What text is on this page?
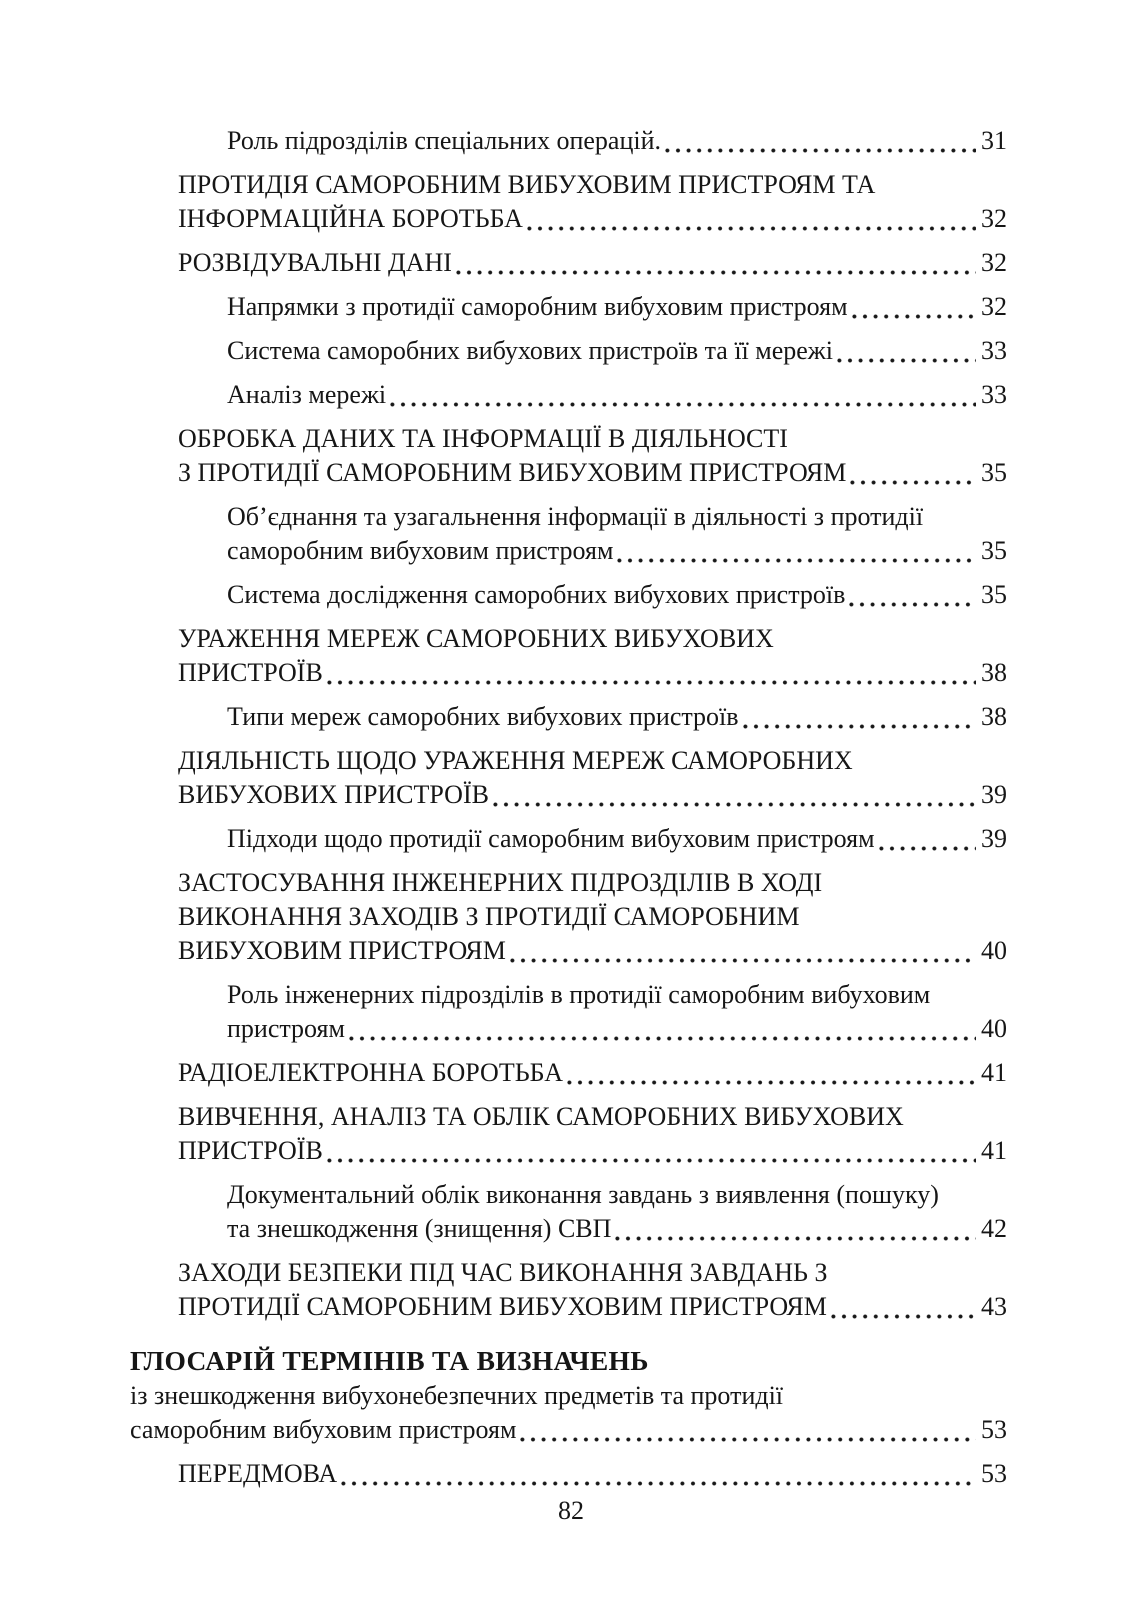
Роль підрозділів спеціальних операцій.	31
ПРОТИДІЯ САМОРОБНИМ ВИБУХОВИМ ПРИСТРОЯМ ТА
ІНФОРМАЦІЙНА БОРОТЬБА	32
РОЗВІДУВАЛЬНІ ДАНІ	32
Напрямки з протидії саморобним вибуховим пристроям	32
Система саморобних вибухових пристроїв та її мережі	33
Аналіз мережі	33
ОБРОБКА ДАНИХ ТА ІНФОРМАЦІЇ В ДІЯЛЬНОСТІ
З ПРОТИДІЇ САМОРОБНИМ ВИБУХОВИМ ПРИСТРОЯМ	35
Об’єднання та узагальнення інформації в діяльності з протидії
саморобним вибуховим пристроям	35
Система дослідження саморобних вибухових пристроїв	35
УРАЖЕННЯ МЕРЕЖ САМОРОБНИХ ВИБУХОВИХ
ПРИСТРОЇВ	38
Типи мереж саморобних вибухових пристроїв	38
ДІЯЛЬНІСТЬ ЩОДО УРАЖЕННЯ МЕРЕЖ САМОРОБНИХ
ВИБУХОВИХ ПРИСТРОЇВ	39
Підходи щодо протидії саморобним вибуховим пристроям	39
ЗАСТОСУВАННЯ ІНЖЕНЕРНИХ ПІДРОЗДІЛІВ В ХОДІ
ВИКОНАННЯ ЗАХОДІВ З ПРОТИДІЇ САМОРОБНИМ
ВИБУХОВИМ ПРИСТРОЯМ	40
Роль інженерних підрозділів в протидії саморобним вибуховим
пристроям	40
РАДІОЕЛЕКТРОННА БОРОТЬБА	41
ВИВЧЕННЯ, АНАЛІЗ ТА ОБЛІК САМОРОБНИХ ВИБУХОВИХ
ПРИСТРОЇВ	41
Документальний облік виконання завдань з виявлення (пошуку)
та знешкодження (знищення) СВП	42
ЗАХОДИ БЕЗПЕКИ ПІД ЧАС ВИКОНАННЯ ЗАВДАНЬ З
ПРОТИДІЇ САМОРОБНИМ ВИБУХОВИМ ПРИСТРОЯМ	43
ГЛОСАРІЙ ТЕРМІНІВ ТА ВИЗНАЧЕНЬ
із знешкодження вибухонебезпечних предметів та протидії
саморобним вибуховим пристроям	53
ПЕРЕДМОВА	53
82
